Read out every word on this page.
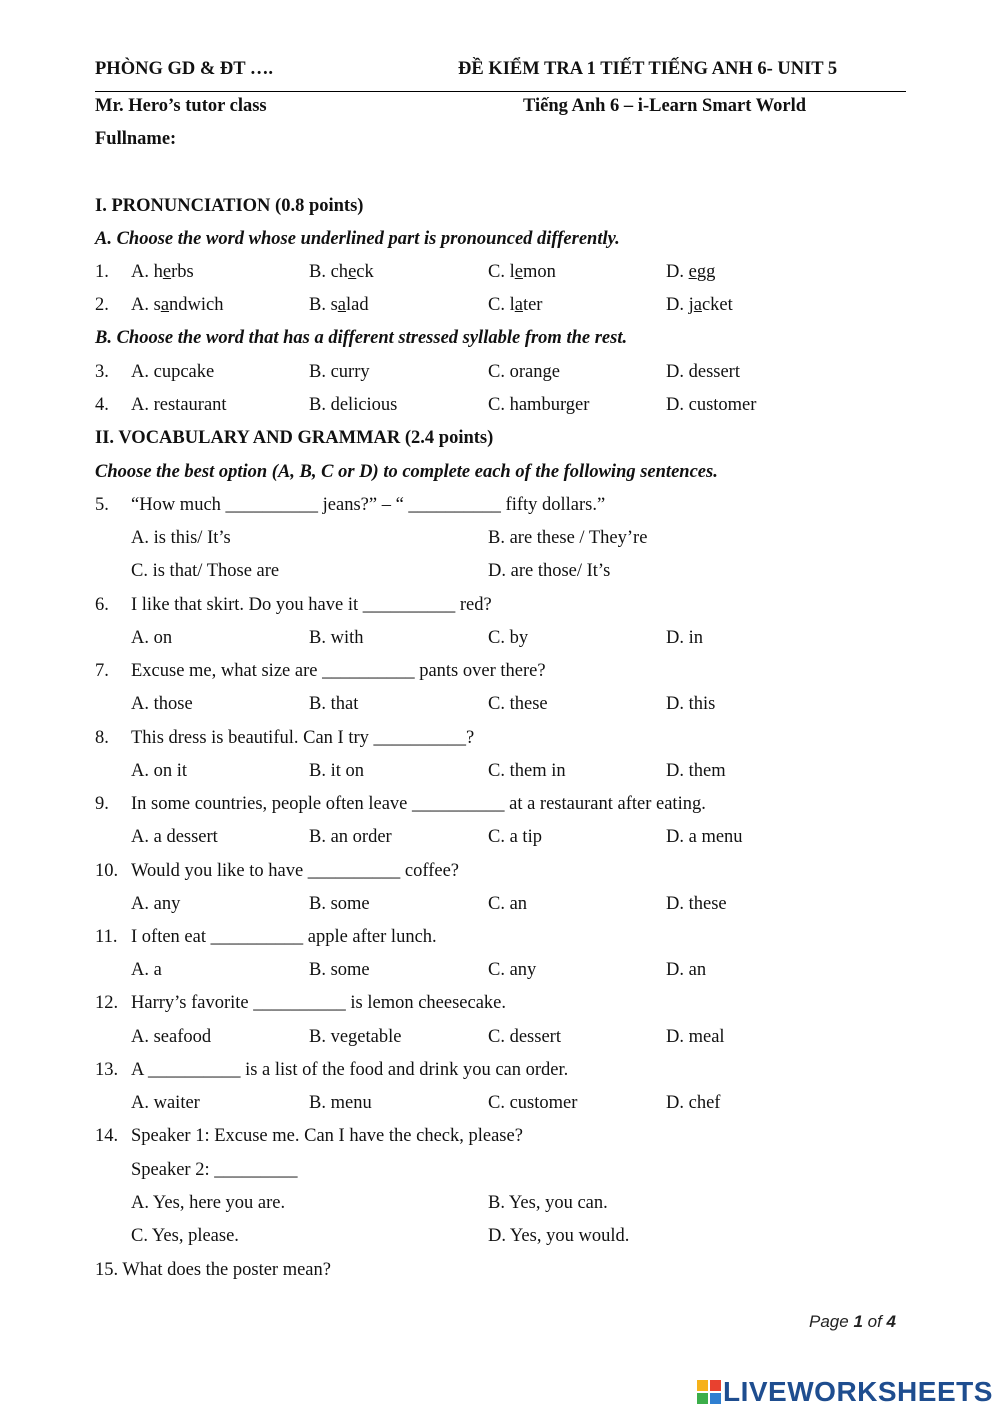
PHÒNG GD & ĐT ….	ĐỀ KIỂM TRA 1 TIẾT TIẾNG ANH 6- UNIT 5
Mr. Hero’s tutor class	Tiếng Anh 6 – i-Learn Smart World
Fullname:
I. PRONUNCIATION (0.8 points)
A. Choose the word whose underlined part is pronounced differently.
1. A. herbs	B. check	C. lemon	D. egg
2. A. sandwich	B. salad	C. later	D. jacket
B. Choose the word that has a different stressed syllable from the rest.
3. A. cupcake	B. curry	C. orange	D. dessert
4. A. restaurant	B. delicious	C. hamburger	D. customer
II. VOCABULARY AND GRAMMAR (2.4 points)
Choose the best option (A, B, C or D) to complete each of the following sentences.
5. “How much __________ jeans?” – “ __________ fifty dollars.”
A. is this/ It’s	B. are these / They’re
C. is that/ Those are	D. are those/ It’s
6. I like that skirt. Do you have it __________ red?
A. on	B. with	C. by	D. in
7. Excuse me, what size are __________ pants over there?
A. those	B. that	C. these	D. this
8. This dress is beautiful. Can I try __________?
A. on it	B. it on	C. them in	D. them
9. In some countries, people often leave __________ at a restaurant after eating.
A. a dessert	B. an order	C. a tip	D. a menu
10. Would you like to have __________ coffee?
A. any	B. some	C. an	D. these
11. I often eat __________ apple after lunch.
A. a	B. some	C. any	D. an
12. Harry’s favorite __________ is lemon cheesecake.
A. seafood	B. vegetable	C. dessert	D. meal
13. A __________ is a list of the food and drink you can order.
A. waiter	B. menu	C. customer	D. chef
14. Speaker 1: Excuse me. Can I have the check, please?
Speaker 2: _________
A. Yes, here you are.	B. Yes, you can.
C. Yes, please.	D. Yes, you would.
15. What does the poster mean?
Page 1 of 4
LIVEWORKSHEETS
